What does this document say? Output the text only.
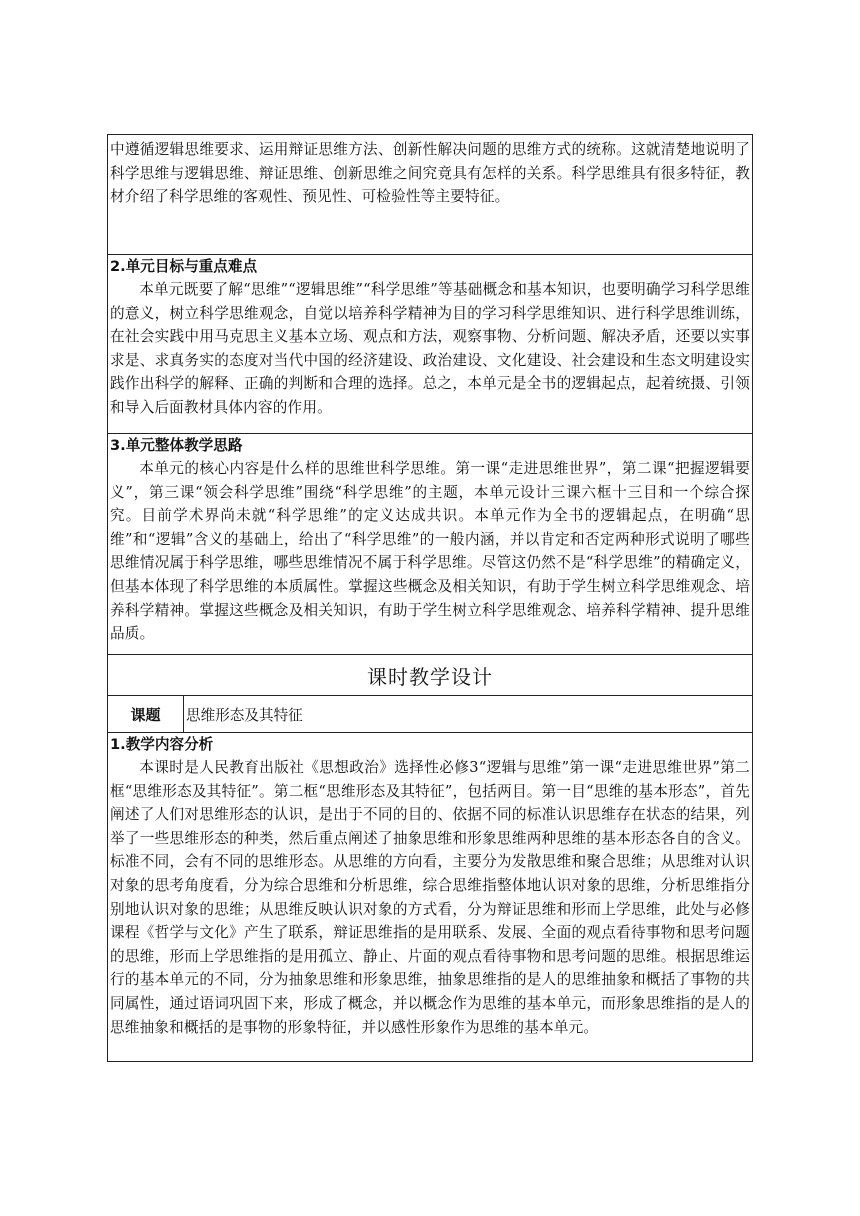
中遵循逻辑思维要求、运用辩证思维方法、创新性解决问题的思维方式的统称。这就清楚地说明了科学思维与逻辑思维、辩证思维、创新思维之间究竟具有怎样的关系。科学思维具有很多特征，教材介绍了科学思维的客观性、预见性、可检验性等主要特征。

2.单元目标与重点难点

本单元既要了解“思维”“逻辑思维”“科学思维”等基础概念和基本知识，也要明确学习科学思维的意义，树立科学思维观念，自觉以培养科学精神为目的学习科学思维知识、进行科学思维训练，在社会实践中用马克思主义基本立场、观点和方法，观察事物、分析问题、解决矛盾，还要以实事求是、求真务实的态度对当代中国的经济建设、政治建设、文化建设、社会建设和生态文明建设实践作出科学的解释、正确的判断和合理的选择。总之，本单元是全书的逻辑起点，起着统摄、引领和导入后面教材具体内容的作用。

3.单元整体教学思路

本单元的核心内容是什么样的思维世科学思维。第一课“走进思维世界”，第二课“把握逻辑要义”，第三课“领会科学思维”围绕“科学思维”的主题，本单元设计三课六框十三目和一个综合探究。目前学术界尚未就“科学思维”的定义达成共识。本单元作为全书的逻辑起点，在明确“思维”和“逻辑”含义的基础上，给出了“科学思维”的一般内涵，并以肯定和否定两种形式说明了哪些思维情况属于科学思维，哪些思维情况不属于科学思维。尽管这仍然不是“科学思维”的精确定义，但基本体现了科学思维的本质属性。掌握这些概念及相关知识，有助于学生树立科学思维观念、培养科学精神。掌握这些概念及相关知识，有助于学生树立科学思维观念、培养科学精神、提升思维品质。

课时教学设计
课题	思维形态及其特征

1.教学内容分析

本课时是人民教育出版社《思想政治》选择性必修3“逻辑与思维”第一课“走进思维世界”第二框“思维形态及其特征”。第二框“思维形态及其特征”，包括两目。第一目“思维的基本形态”，首先阐述了人们对思维形态的认识，是出于不同的目的、依据不同的标准认识思维存在状态的结果，列举了一些思维形态的种类，然后重点阐述了抽象思维和形象思维两种思维的基本形态各自的含义。标准不同，会有不同的思维形态。从思维的方向看，主要分为发散思维和聚合思维；从思维对认识对象的思考角度看，分为综合思维和分析思维，综合思维指整体地认识对象的思维，分析思维指分别地认识对象的思维；从思维反映认识对象的方式看，分为辩证思维和形而上学思维，此处与必修课程《哲学与文化》产生了联系，辩证思维指的是用联系、发展、全面的观点看待事物和思考问题的思维，形而上学思维指的是用孤立、静止、片面的观点看待事物和思考问题的思维。根据思维运行的基本单元的不同，分为抽象思维和形象思维，抽象思维指的是人的思维抽象和概括了事物的共同属性，通过语词巩固下来，形成了概念，并以概念作为思维的基本单元，而形象思维指的是人的思维抽象和概括的是事物的形象特征，并以感性形象作为思维的基本单元。
